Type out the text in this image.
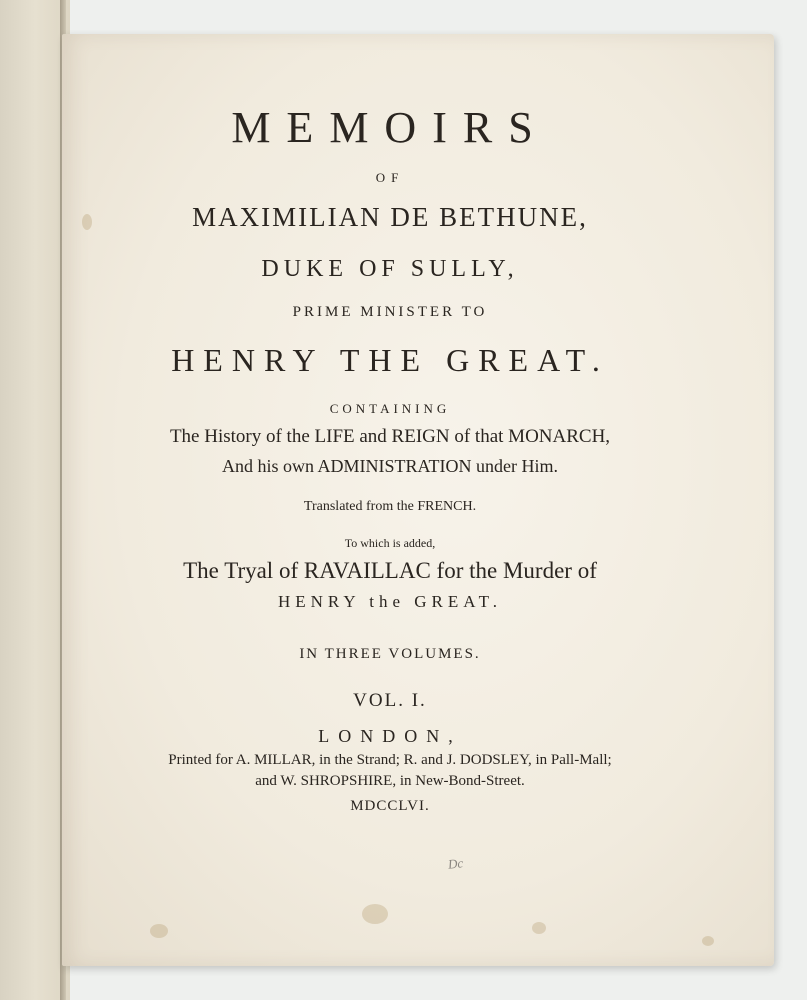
MEMOIRS
OF
MAXIMILIAN DE BETHUNE,
DUKE OF SULLY,
PRIME MINISTER TO
HENRY THE GREAT.
CONTAINING
The History of the LIFE and REIGN of that MONARCH,
And his own ADMINISTRATION under Him.
Translated from the FRENCH.
To which is added,
The Tryal of RAVAILLAC for the Murder of
HENRY the GREAT.
IN THREE VOLUMES.
VOL. I.
LONDON,
Printed for A. MILLAR, in the Strand; R. and J. DODSLEY, in Pall-Mall;
and W. SHROPSHIRE, in New-Bond-Street.
MDCCLVI.
Dc
